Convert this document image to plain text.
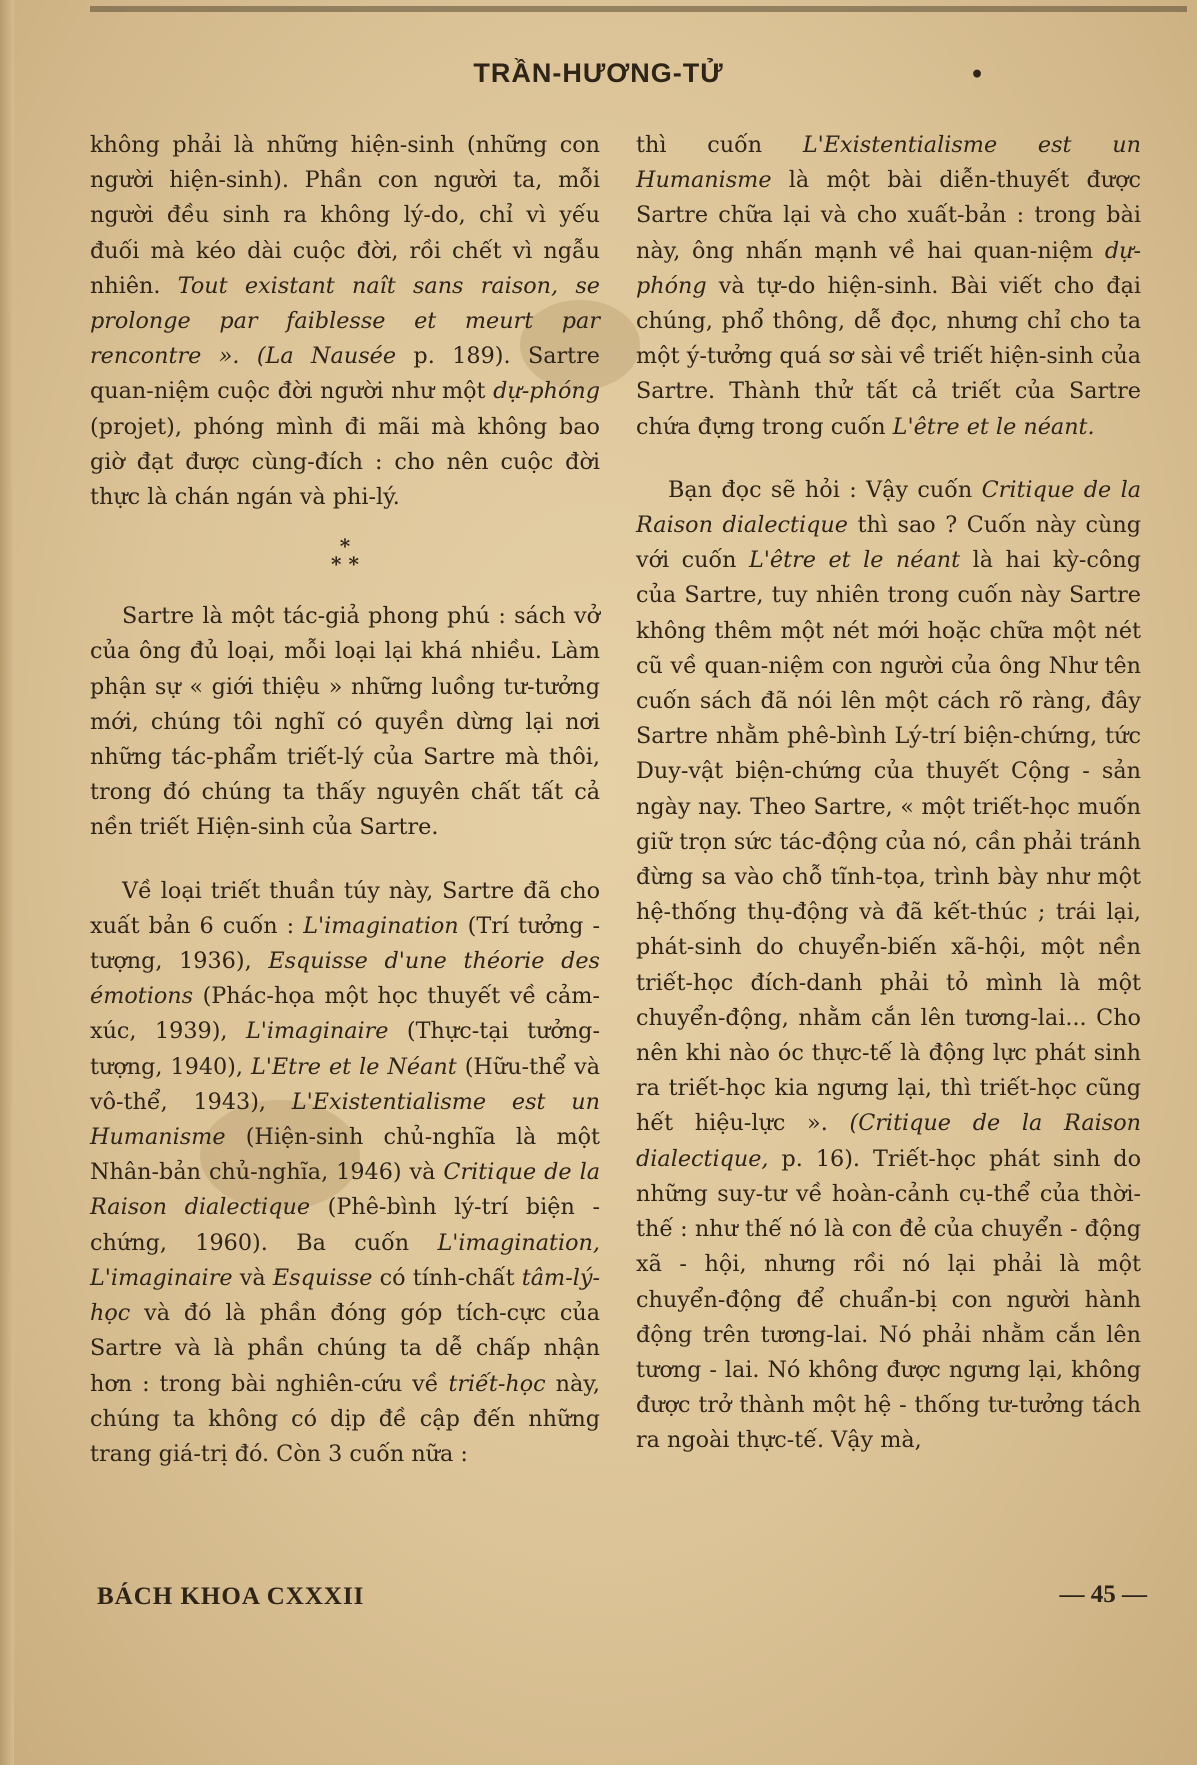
TRẦN-HƯƠNG-TỬ	•

không phải là những hiện-sinh (những con người hiện-sinh). Phần con người ta, mỗi người đều sinh ra không lý-do, chỉ vì yếu đuối mà kéo dài cuộc đời, rồi chết vì ngẫu nhiên. Tout existant naît sans raison, se prolonge par faiblesse et meurt par rencontre ». (La Nausée p. 189). Sartre quan-niệm cuộc đời người như một dự-phóng (projet), phóng mình đi mãi mà không bao giờ đạt được cùng-đích : cho nên cuộc đời thực là chán ngán và phi-lý.

*
* *

Sartre là một tác-giả phong phú : sách vở của ông đủ loại, mỗi loại lại khá nhiều. Làm phận sự « giới thiệu » những luồng tư-tưởng mới, chúng tôi nghĩ có quyền dừng lại nơi những tác-phẩm triết-lý của Sartre mà thôi, trong đó chúng ta thấy nguyên chất tất cả nền triết Hiện-sinh của Sartre.

Về loại triết thuần túy này, Sartre đã cho xuất bản 6 cuốn : L'imagination (Trí tưởng - tượng, 1936), Esquisse d'une théorie des émotions (Phác-họa một học thuyết về cảm-xúc, 1939), L'imaginaire (Thực-tại tưởng-tượng, 1940), L'Etre et le Néant (Hữu-thể và vô-thể, 1943), L'Existentialisme est un Humanisme (Hiện-sinh chủ-nghĩa là một Nhân-bản chủ-nghĩa, 1946) và Critique de la Raison dialectique (Phê-bình lý-trí biện - chứng, 1960). Ba cuốn L'imagination, L'imaginaire và Esquisse có tính-chất tâm-lý-học và đó là phần đóng góp tích-cực của Sartre và là phần chúng ta dễ chấp nhận hơn : trong bài nghiên-cứu về triết-học này, chúng ta không có dịp đề cập đến những trang giá-trị đó. Còn 3 cuốn nữa :

thì cuốn L'Existentialisme est un Humanisme là một bài diễn-thuyết được Sartre chữa lại và cho xuất-bản : trong bài này, ông nhấn mạnh về hai quan-niệm dự-phóng và tự-do hiện-sinh. Bài viết cho đại chúng, phổ thông, dễ đọc, nhưng chỉ cho ta một ý-tưởng quá sơ sài về triết hiện-sinh của Sartre. Thành thử tất cả triết của Sartre chứa đựng trong cuốn L'être et le néant.

Bạn đọc sẽ hỏi : Vậy cuốn Critique de la Raison dialectique thì sao ? Cuốn này cùng với cuốn L'être et le néant là hai kỳ-công của Sartre, tuy nhiên trong cuốn này Sartre không thêm một nét mới hoặc chữa một nét cũ về quan-niệm con người của ông Như tên cuốn sách đã nói lên một cách rõ ràng, đây Sartre nhằm phê-bình Lý-trí biện-chứng, tức Duy-vật biện-chứng của thuyết Cộng - sản ngày nay. Theo Sartre, « một triết-học muốn giữ trọn sức tác-động của nó, cần phải tránh đừng sa vào chỗ tĩnh-tọa, trình bày như một hệ-thống thụ-động và đã kết-thúc ; trái lại, phát-sinh do chuyển-biến xã-hội, một nền triết-học đích-danh phải tỏ mình là một chuyển-động, nhằm cắn lên tương-lai... Cho nên khi nào óc thực-tế là động lực phát sinh ra triết-học kia ngưng lại, thì triết-học cũng hết hiệu-lực ». (Critique de la Raison dialectique, p. 16). Triết-học phát sinh do những suy-tư về hoàn-cảnh cụ-thể của thời-thế : như thế nó là con đẻ của chuyển - động xã - hội, nhưng rồi nó lại phải là một chuyển-động để chuẩn-bị con người hành động trên tương-lai. Nó phải nhằm cắn lên tương - lai. Nó không được ngưng lại, không được trở thành một hệ - thống tư-tưởng tách ra ngoài thực-tế. Vậy mà,

BÁCH KHOA CXXXII	— 45 —
